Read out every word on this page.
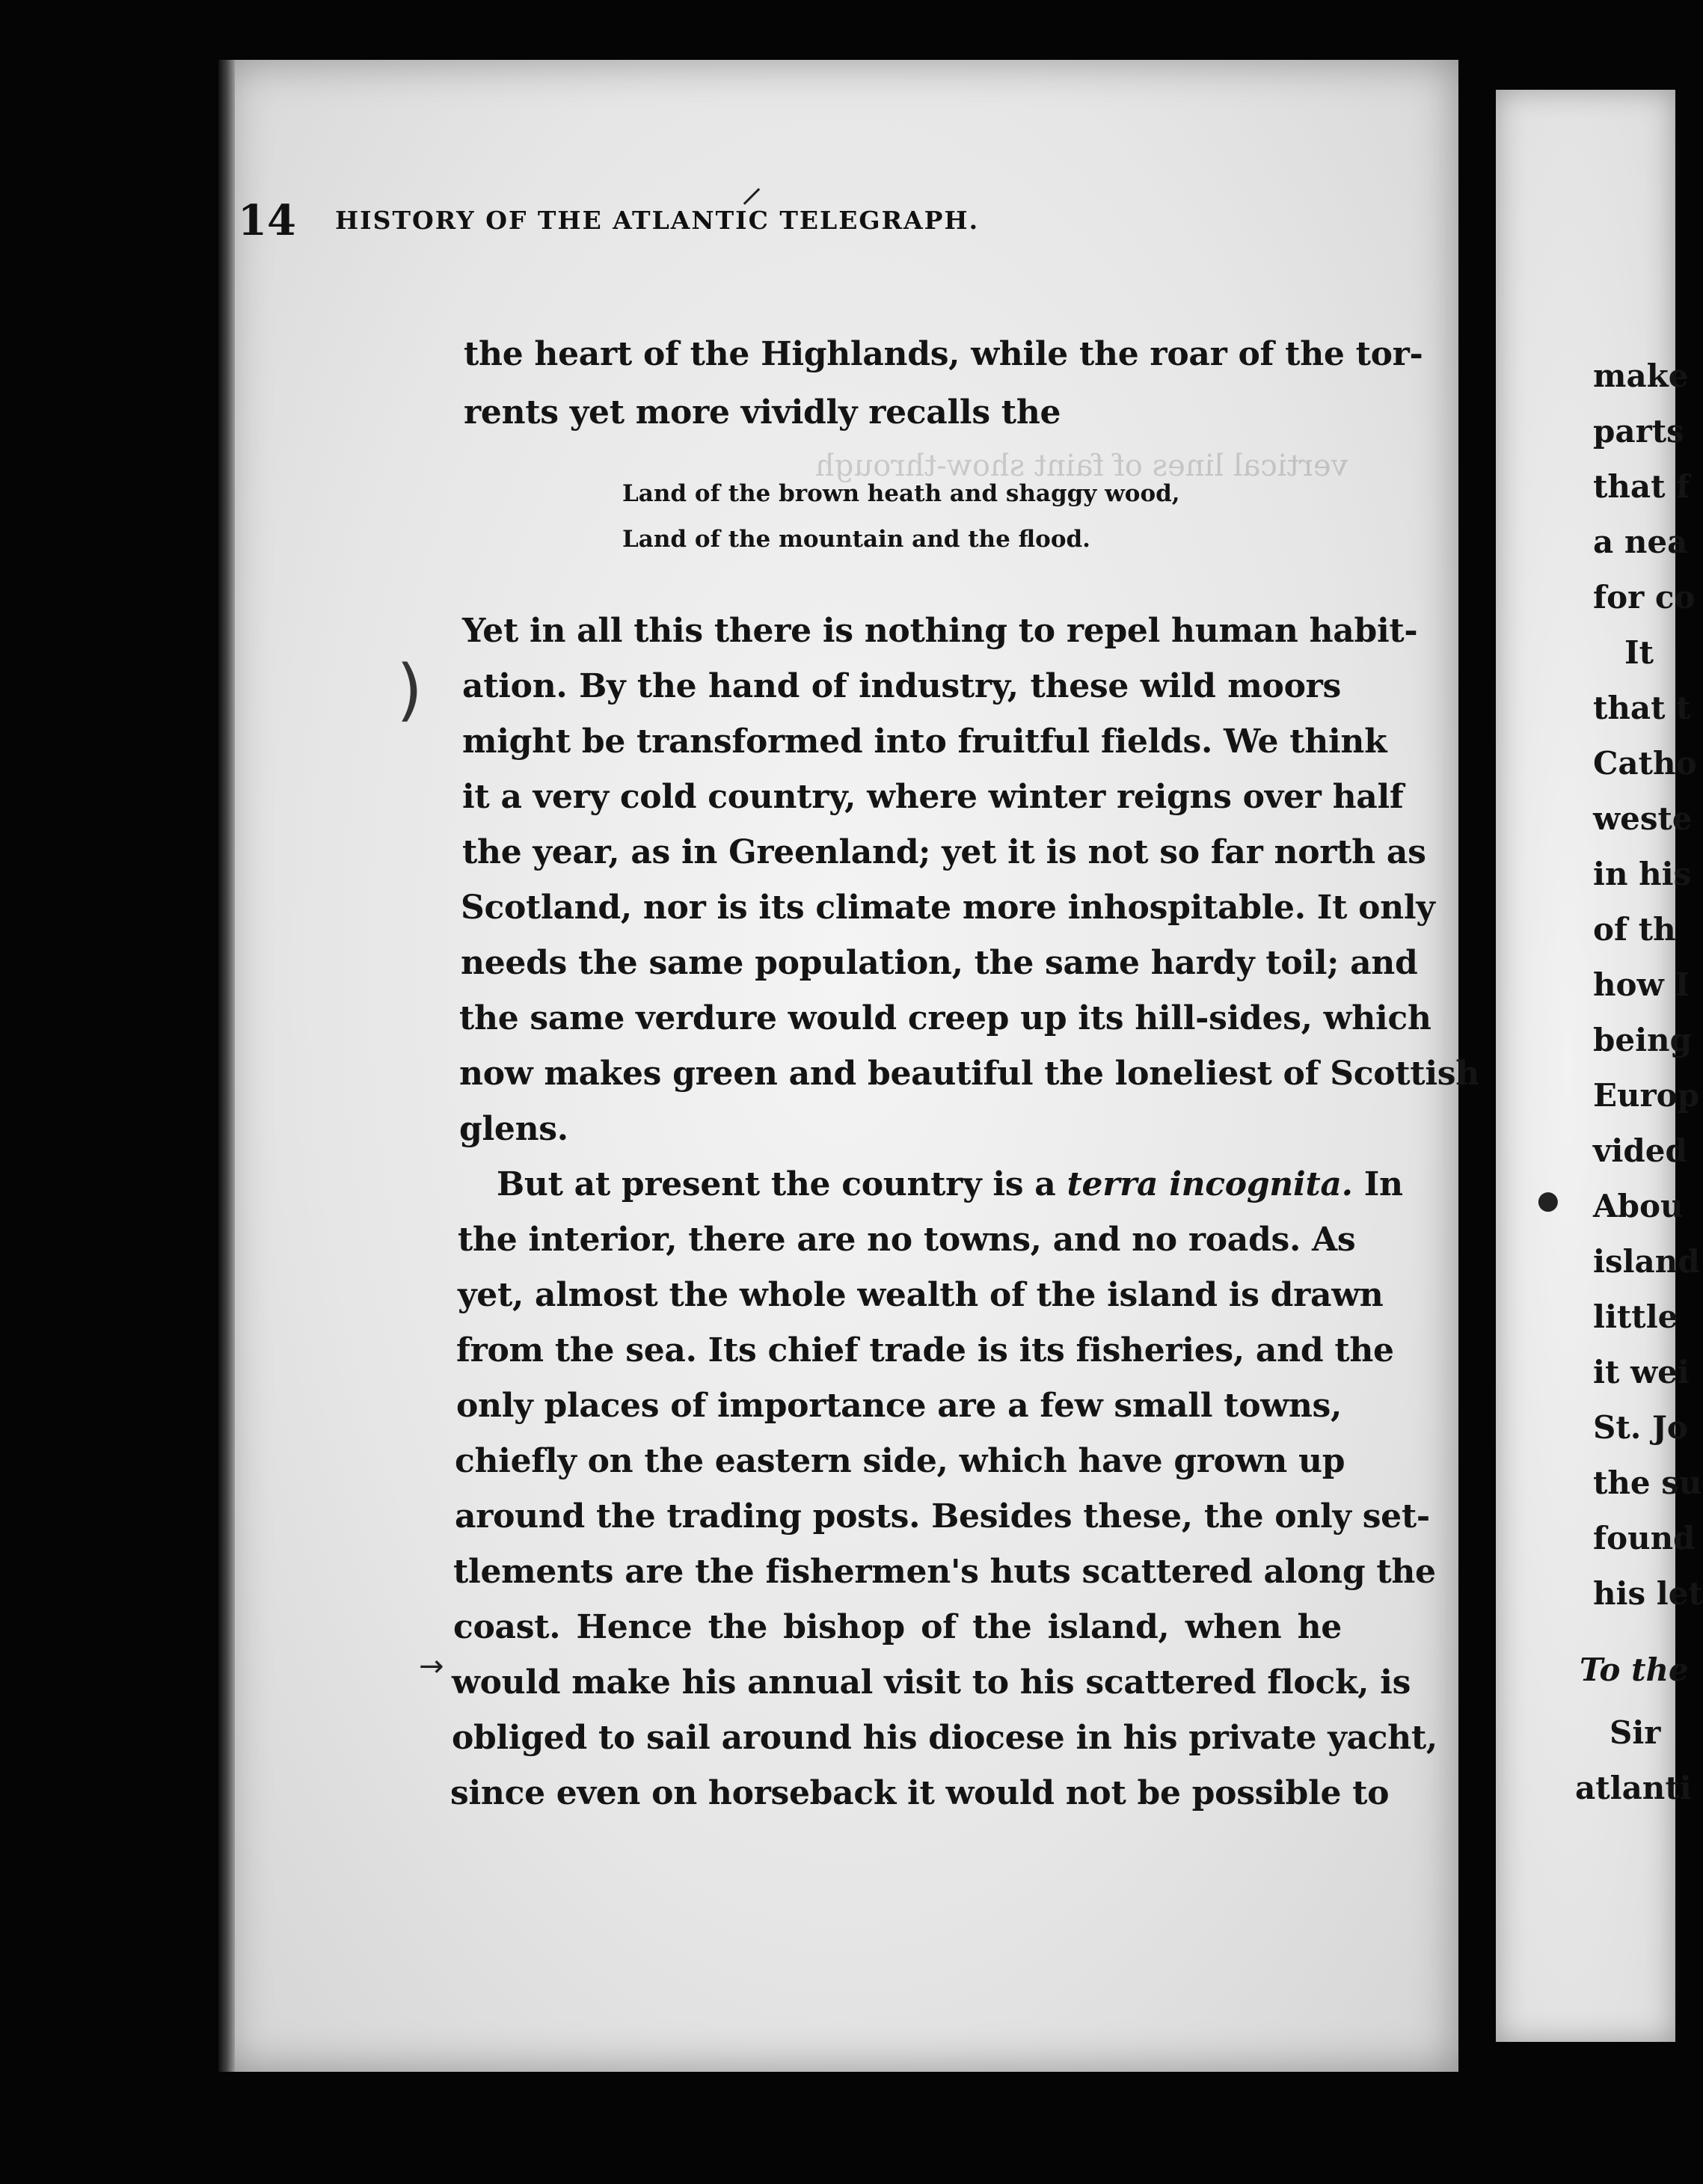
vertical lines of faint show-through
14 HISTORY OF THE ATLANTIC TELEGRAPH.
the heart of the Highlands, while the roar of the tor-
rents yet more vividly recalls the
Land of the brown heath and shaggy wood,
Land of the mountain and the flood.
Yet in all this there is nothing to repel human habit-
ation. By the hand of industry, these wild moors
might be transformed into fruitful fields. We think
it a very cold country, where winter reigns over half
the year, as in Greenland; yet it is not so far north as
Scotland, nor is its climate more inhospitable. It only
needs the same population, the same hardy toil; and
the same verdure would creep up its hill-sides, which
now makes green and beautiful the loneliest of Scottish
glens.
But at present the country is a terra incognita. In
the interior, there are no towns, and no roads. As
yet, almost the whole wealth of the island is drawn
from the sea. Its chief trade is its fisheries, and the
only places of importance are a few small towns,
chiefly on the eastern side, which have grown up
around the trading posts. Besides these, the only set-
tlements are the fishermen's huts scattered along the
coast. Hence the bishop of the island, when he
would make his annual visit to his scattered flock, is
obliged to sail around his diocese in his private yacht,
since even on horseback it would not be possible to
make
parts
that f
a nea
for co
It
that t
Catho
weste
in his
of th
how I
being
Europ
vided
Abou
island
little
it wei
St. Jo
the su
found
his let
To the
Sir
atlanti
⸝
→
)
●
